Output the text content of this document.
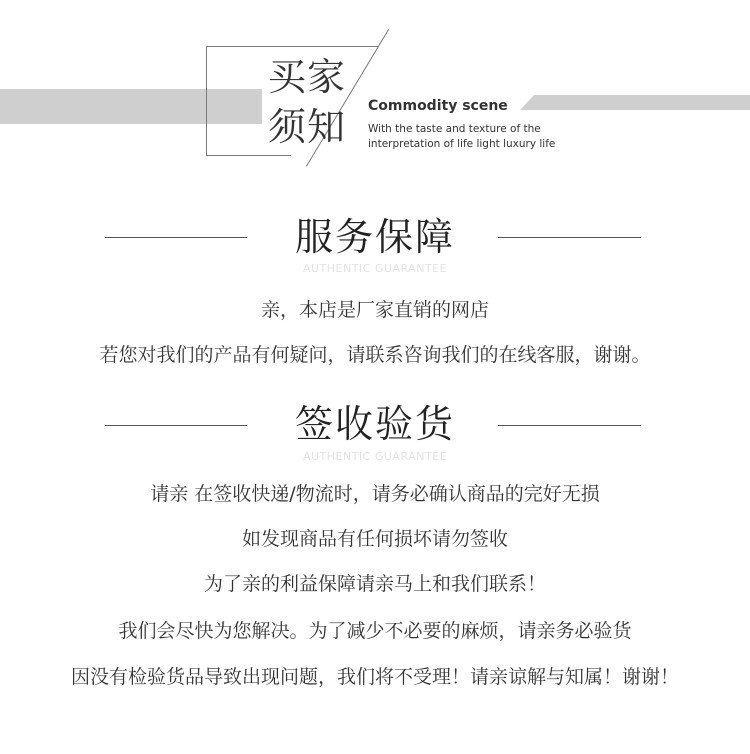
买家
须知 Commodity scene
With the taste and texture of the
interpretation of life light luxury life
服务保障
AUTHENTIC GUARANTEE
亲，本店是厂家直销的网店
若您对我们的产品有何疑问，请联系咨询我们的在线客服，谢谢。
签收验货
AUTHENTIC GUARANTEE
请亲 在签收快递/物流时，请务必确认商品的完好无损
如发现商品有任何损坏请勿签收
为了亲的利益保障请亲马上和我们联系！
我们会尽快为您解决。为了减少不必要的麻烦，请亲务必验货
因没有检验货品导致出现问题，我们将不受理！请亲谅解与知属！谢谢！
